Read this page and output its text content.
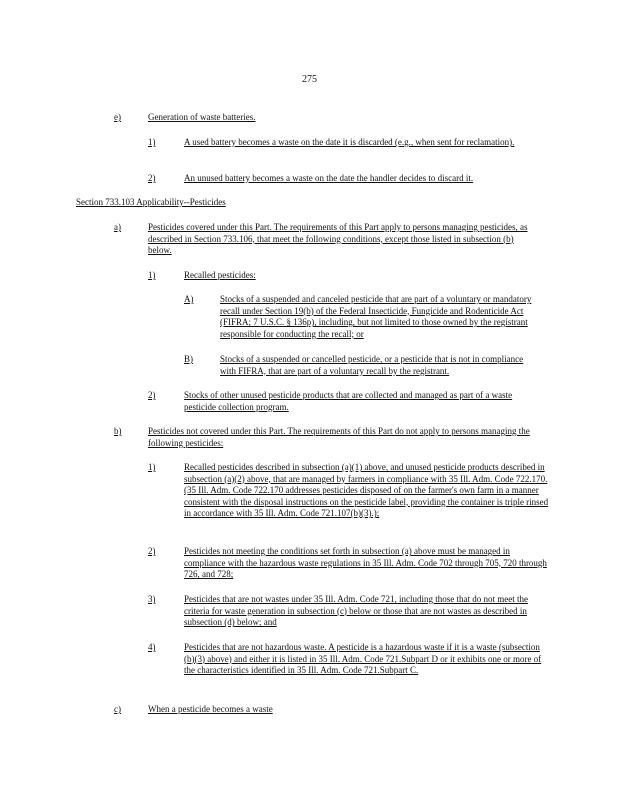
275
e)	Generation of waste batteries.
1)	A used battery becomes a waste on the date it is discarded (e.g., when sent for reclamation).
2)	An unused battery becomes a waste on the date the handler decides to discard it.
Section 733.103 Applicability--Pesticides
a)	Pesticides covered under this Part. The requirements of this Part apply to persons managing pesticides, as described in Section 733.106, that meet the following conditions, except those listed in subsection (b) below.
1)	Recalled pesticides:
A)	Stocks of a suspended and canceled pesticide that are part of a voluntary or mandatory recall under Section 19(b) of the Federal Insecticide, Fungicide and Rodenticide Act (FIFRA; 7 U.S.C. § 136p), including, but not limited to those owned by the registrant responsible for conducting the recall; or
B)	Stocks of a suspended or cancelled pesticide, or a pesticide that is not in compliance with FIFRA, that are part of a voluntary recall by the registrant.
2)	Stocks of other unused pesticide products that are collected and managed as part of a waste pesticide collection program.
b)	Pesticides not covered under this Part. The requirements of this Part do not apply to persons managing the following pesticides:
1)	Recalled pesticides described in subsection (a)(1) above, and unused pesticide products described in subsection (a)(2) above, that are managed by farmers in compliance with 35 Ill. Adm. Code 722.170. (35 Ill. Adm. Code 722.170 addresses pesticides disposed of on the farmer's own farm in a manner consistent with the disposal instructions on the pesticide label, providing the container is triple rinsed in accordance with 35 Ill. Adm. Code 721.107(b)(3).);
2)	Pesticides not meeting the conditions set forth in subsection (a) above must be managed in compliance with the hazardous waste regulations in 35 Ill. Adm. Code 702 through 705, 720 through 726, and 728;
3)	Pesticides that are not wastes under 35 Ill. Adm. Code 721, including those that do not meet the criteria for waste generation in subsection (c) below or those that are not wastes as described in subsection (d) below; and
4)	Pesticides that are not hazardous waste. A pesticide is a hazardous waste if it is a waste (subsection (b)(3) above) and either it is listed in 35 Ill. Adm. Code 721.Subpart D or it exhibits one or more of the characteristics identified in 35 Ill. Adm. Code 721.Subpart C.
c)	When a pesticide becomes a waste
